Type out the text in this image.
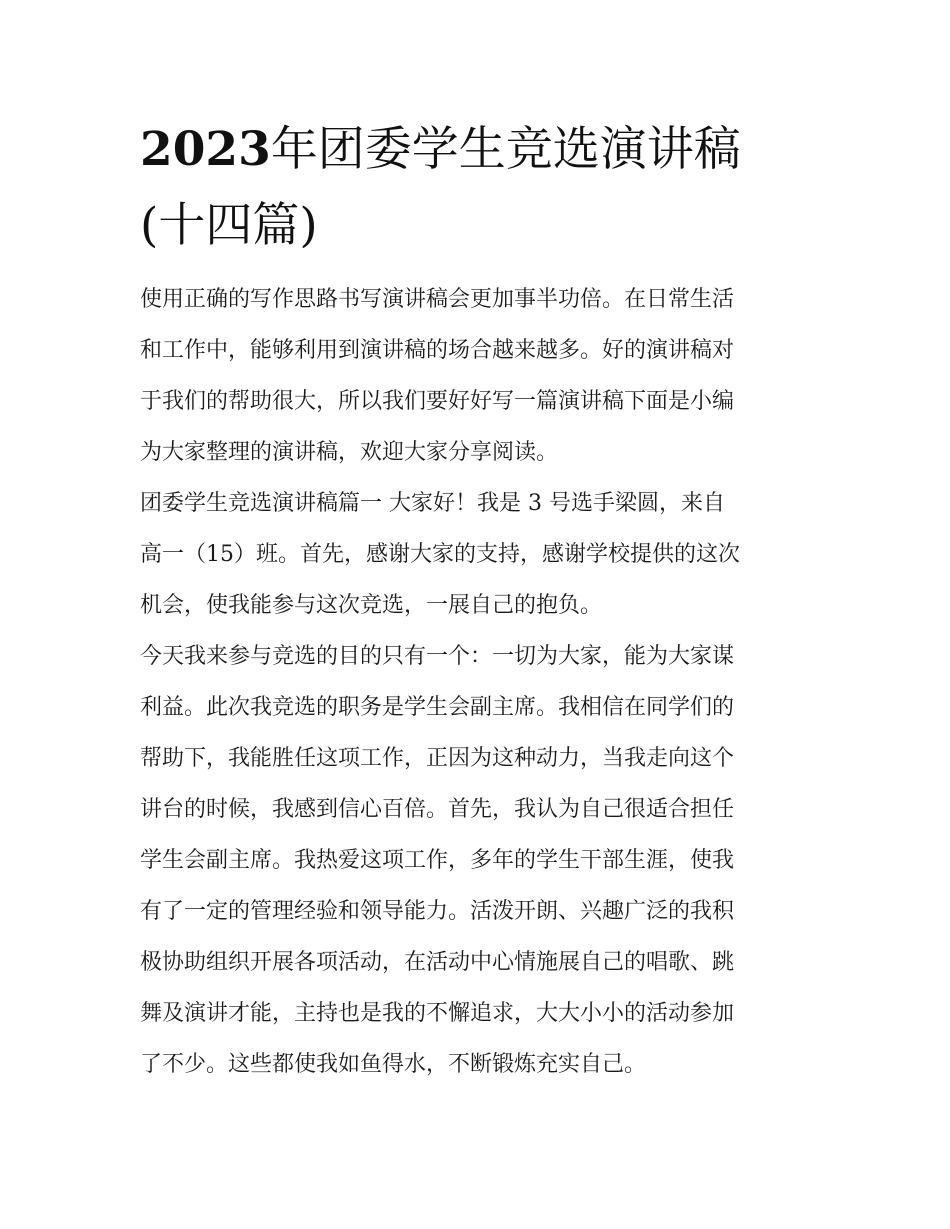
2023年团委学生竞选演讲稿
(十四篇)
使用正确的写作思路书写演讲稿会更加事半功倍。在日常生活
和工作中，能够利用到演讲稿的场合越来越多。好的演讲稿对
于我们的帮助很大，所以我们要好好写一篇演讲稿下面是小编
为大家整理的演讲稿，欢迎大家分享阅读。
团委学生竞选演讲稿篇一 大家好！我是 3 号选手梁圆，来自
高一（15）班。首先，感谢大家的支持，感谢学校提供的这次
机会，使我能参与这次竞选，一展自己的抱负。
今天我来参与竞选的目的只有一个：一切为大家，能为大家谋
利益。此次我竞选的职务是学生会副主席。我相信在同学们的
帮助下，我能胜任这项工作，正因为这种动力，当我走向这个
讲台的时候，我感到信心百倍。首先，我认为自己很适合担任
学生会副主席。我热爱这项工作，多年的学生干部生涯，使我
有了一定的管理经验和领导能力。活泼开朗、兴趣广泛的我积
极协助组织开展各项活动，在活动中心情施展自己的唱歌、跳
舞及演讲才能，主持也是我的不懈追求，大大小小的活动参加
了不少。这些都使我如鱼得水，不断锻炼充实自己。
